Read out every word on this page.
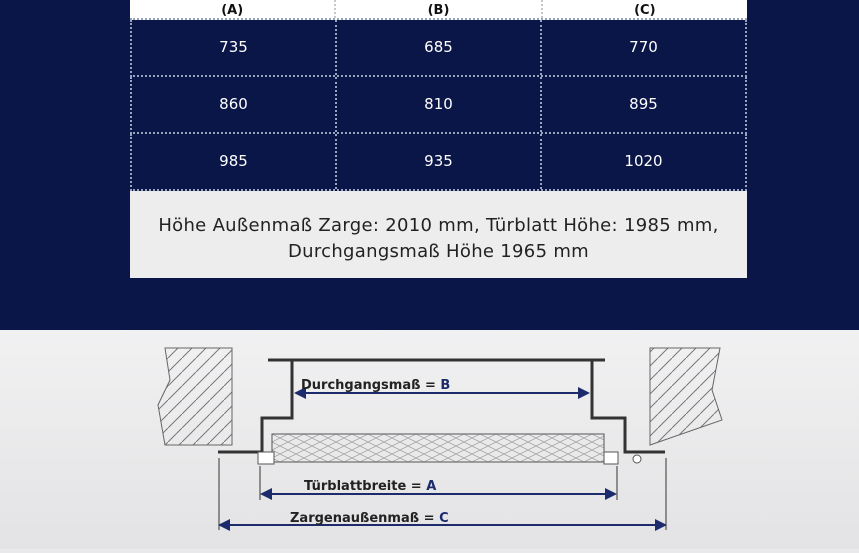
(A)	(B)	(C)
735	685	770
860	810	895
985	935	1020
Höhe Außenmaß Zarge: 2010 mm, Türblatt Höhe: 1985 mm,
Durchgangsmaß Höhe 1965 mm
Durchgangsmaß = B
Türblattbreite = A
Zargenaußenmaß = C
